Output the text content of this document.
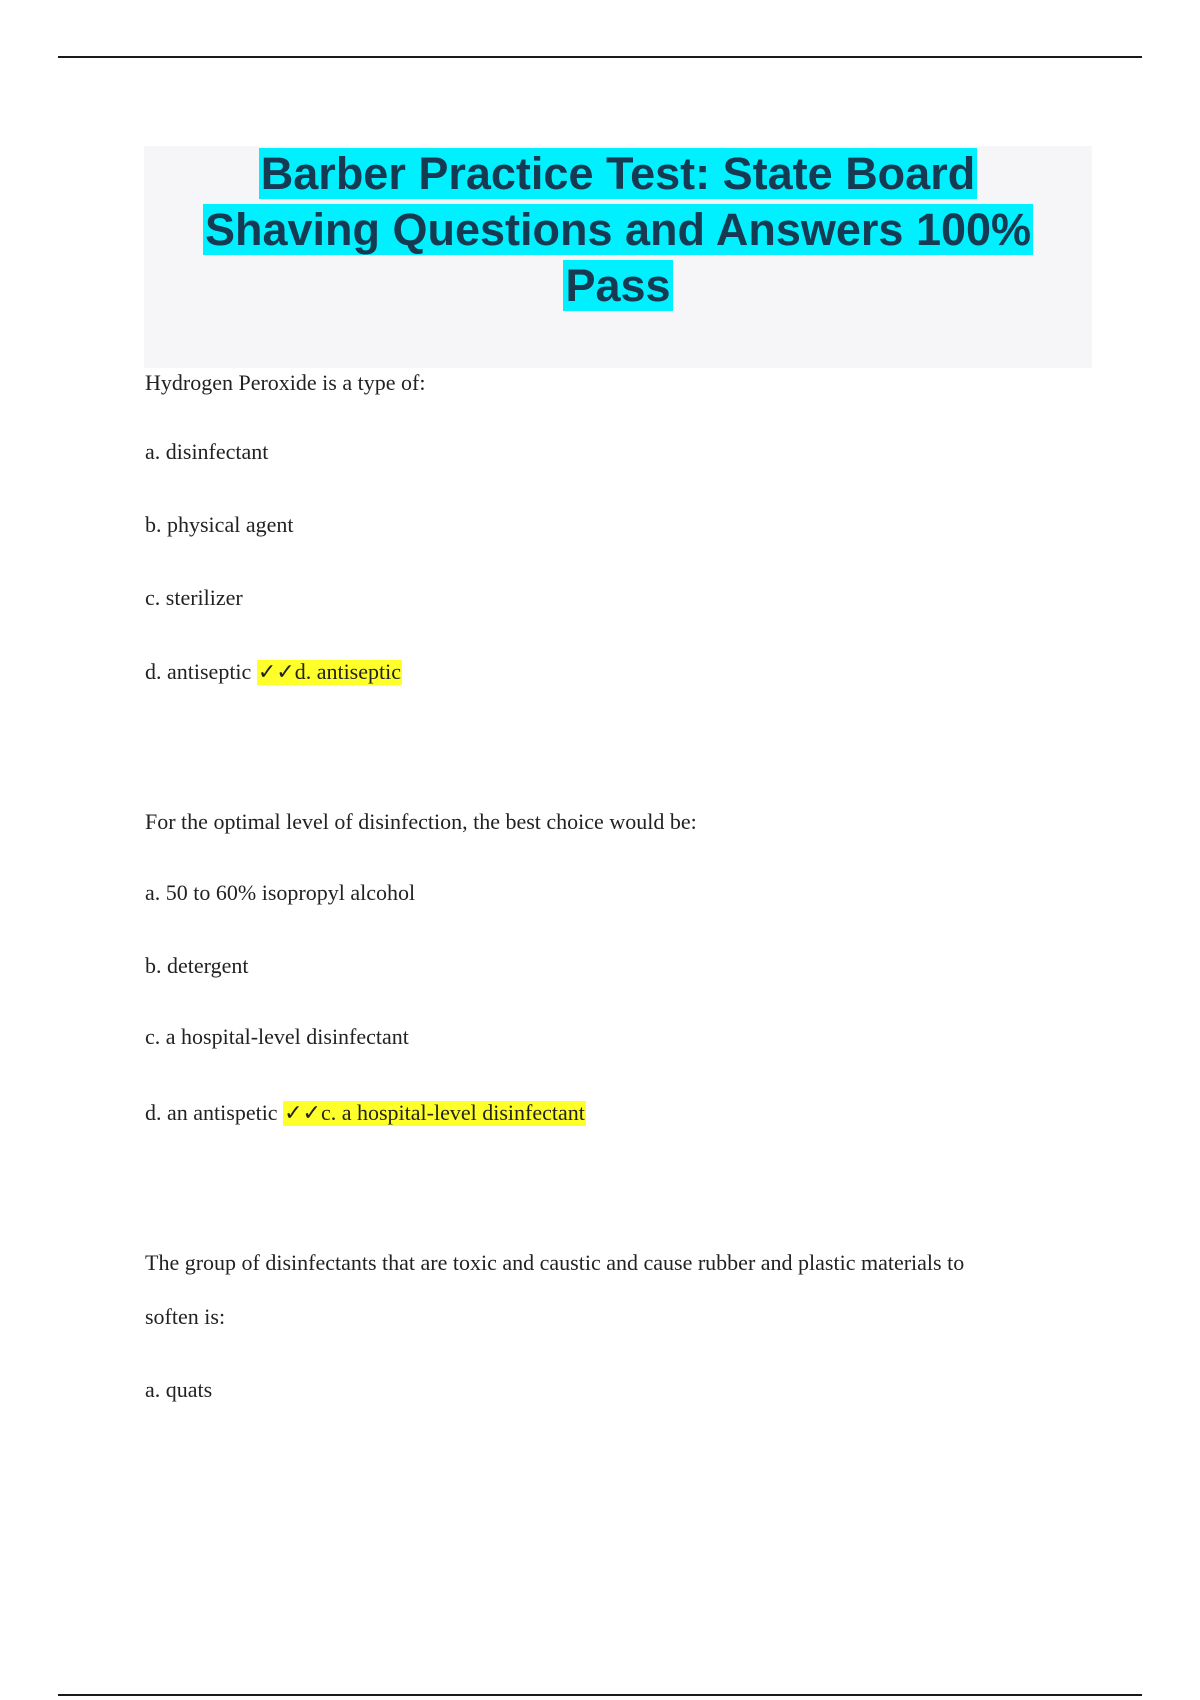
Barber Practice Test: State Board
Shaving Questions and Answers 100%
Pass
Hydrogen Peroxide is a type of:
a. disinfectant
b. physical agent
c. sterilizer
d. antiseptic ✓✓d. antiseptic
For the optimal level of disinfection, the best choice would be:
a. 50 to 60% isopropyl alcohol
b. detergent
c. a hospital-level disinfectant
d. an antispetic ✓✓c. a hospital-level disinfectant
The group of disinfectants that are toxic and caustic and cause rubber and plastic materials to
soften is:
a. quats
